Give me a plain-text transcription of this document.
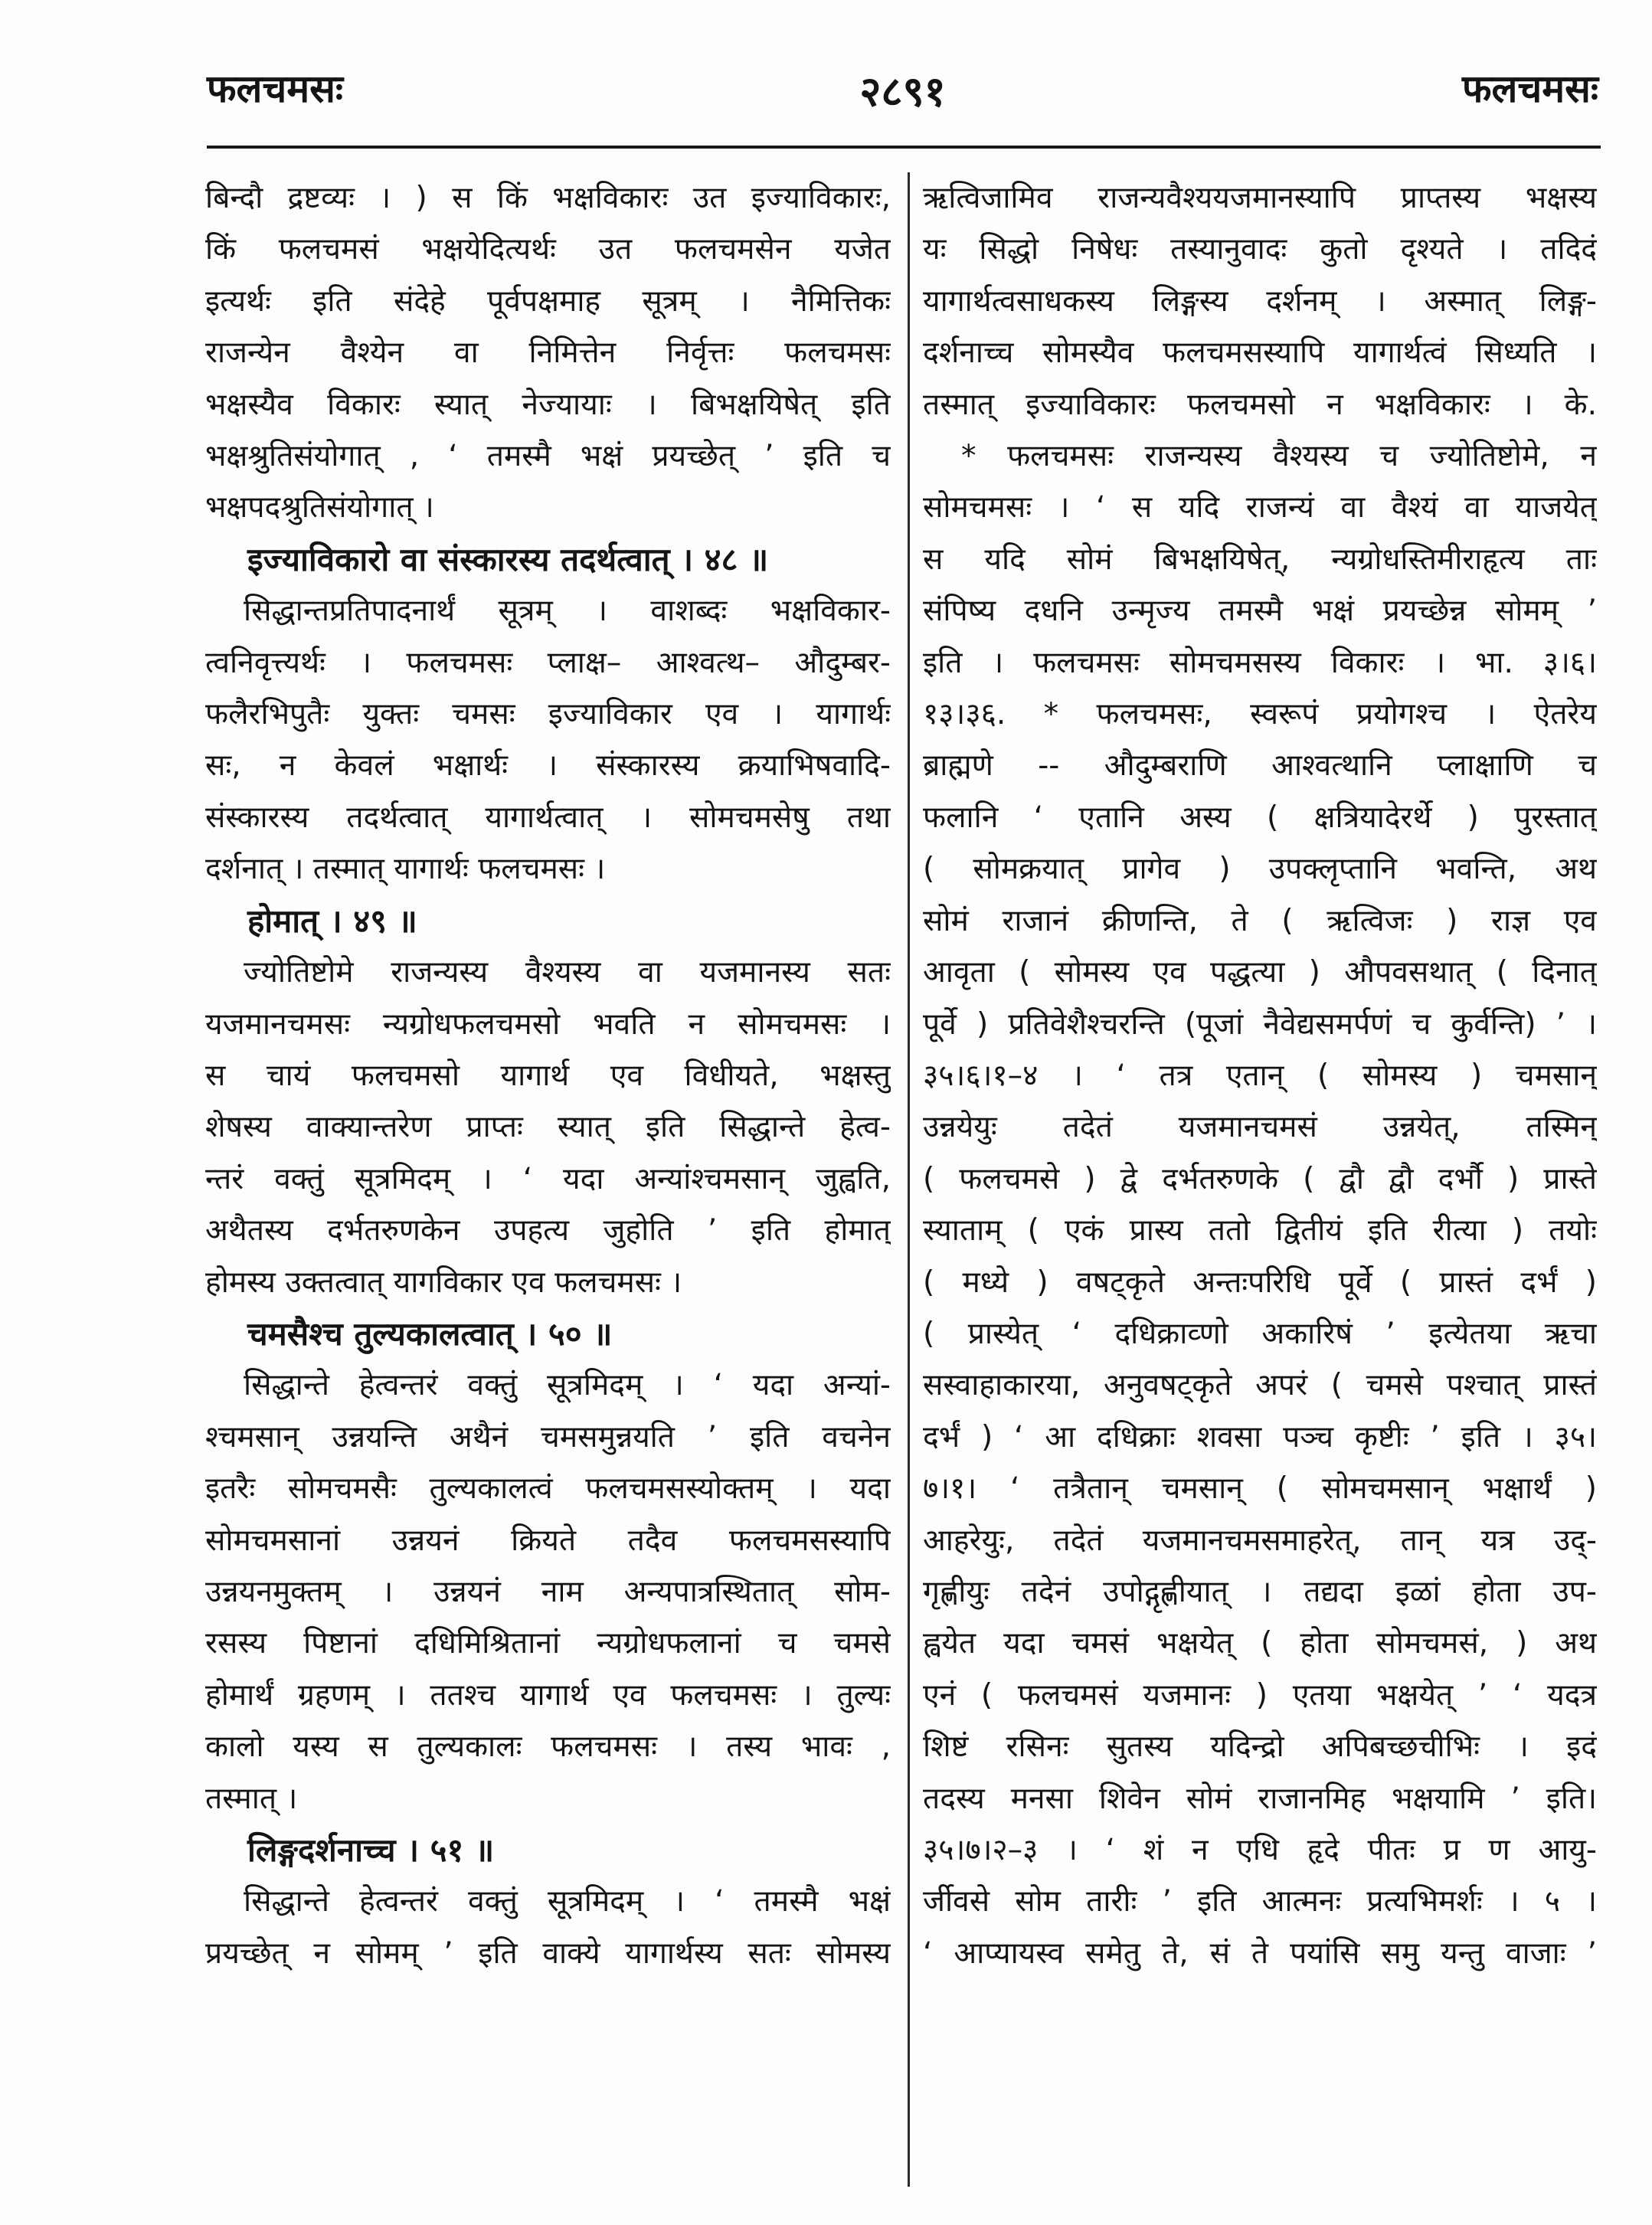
२८९१
फलचमसः	फलचमसः
बिन्दौ द्रष्टव्यः । ) स किं भक्षविकारः उत इज्याविकारः,
किं फलचमसं भक्षयेदित्यर्थः उत फलचमसेन यजेत
इत्यर्थः इति संदेहे पूर्वपक्षमाह सूत्रम् । नैमित्तिकः
राजन्येन वैश्येन वा निमित्तेन निर्वृत्तः फलचमसः
भक्षस्यैव विकारः स्यात् नेज्यायाः । बिभक्षयिषेत् इति
भक्षश्रुतिसंयोगात् , ‘ तमस्मै भक्षं प्रयच्छेत् ’ इति च
भक्षपदश्रुतिसंयोगात् ।
इज्याविकारो वा संस्कारस्य तदर्थत्वात् । ४८ ॥
सिद्धान्तप्रतिपादनार्थं सूत्रम् । वाशब्दः भक्षविकार-
त्वनिवृत्त्यर्थः । फलचमसः प्लाक्ष– आश्वत्थ– औदुम्बर-
फलैरभिपुतैः युक्तः चमसः इज्याविकार एव । यागार्थः
सः, न केवलं भक्षार्थः । संस्कारस्य क्रयाभिषवादि-
संस्कारस्य तदर्थत्वात् यागार्थत्वात् । सोमचमसेषु तथा
दर्शनात् । तस्मात् यागार्थः फलचमसः ।
होमात् । ४९ ॥
ज्योतिष्टोमे राजन्यस्य वैश्यस्य वा यजमानस्य सतः
यजमानचमसः न्यग्रोधफलचमसो भवति न सोमचमसः ।
स चायं फलचमसो यागार्थ एव विधीयते, भक्षस्तु
शेषस्य वाक्यान्तरेण प्राप्तः स्यात् इति सिद्धान्ते हेत्व-
न्तरं वक्तुं सूत्रमिदम् । ‘ यदा अन्यांश्चमसान् जुह्वति,
अथैतस्य दर्भतरुणकेन उपहत्य जुहोति ’ इति होमात्
होमस्य उक्तत्वात् यागविकार एव फलचमसः ।
चमसैश्च तुल्यकालत्वात् । ५० ॥
सिद्धान्ते हेत्वन्तरं वक्तुं सूत्रमिदम् । ‘ यदा अन्यां-
श्चमसान् उन्नयन्ति अथैनं चमसमुन्नयति ’ इति वचनेन
इतरैः सोमचमसैः तुल्यकालत्वं फलचमसस्योक्तम् । यदा
सोमचमसानां उन्नयनं क्रियते तदैव फलचमसस्यापि
उन्नयनमुक्तम् । उन्नयनं नाम अन्यपात्रस्थितात् सोम-
रसस्य पिष्टानां दधिमिश्रितानां न्यग्रोधफलानां च चमसे
होमार्थं ग्रहणम् । ततश्च यागार्थ एव फलचमसः । तुल्यः
कालो यस्य स तुल्यकालः फलचमसः । तस्य भावः ,
तस्मात् ।
लिङ्गदर्शनाच्च । ५१ ॥
सिद्धान्ते हेत्वन्तरं वक्तुं सूत्रमिदम् । ‘ तमस्मै भक्षं
प्रयच्छेत् न सोमम् ’ इति वाक्ये यागार्थस्य सतः सोमस्य
ऋत्विजामिव राजन्यवैश्ययजमानस्यापि प्राप्तस्य भक्षस्य
यः सिद्धो निषेधः तस्यानुवादः कुतो दृश्यते । तदिदं
यागार्थत्वसाधकस्य लिङ्गस्य दर्शनम् । अस्मात् लिङ्ग-
दर्शनाच्च सोमस्यैव फलचमसस्यापि यागार्थत्वं सिध्यति ।
तस्मात् इज्याविकारः फलचमसो न भक्षविकारः । के.
* फलचमसः राजन्यस्य वैश्यस्य च ज्योतिष्टोमे, न
सोमचमसः । ‘ स यदि राजन्यं वा वैश्यं वा याजयेत्
स यदि सोमं बिभक्षयिषेत्, न्यग्रोधस्तिमीराहृत्य ताः
संपिष्य दधनि उन्मृज्य तमस्मै भक्षं प्रयच्छेन्न सोमम् ’
इति । फलचमसः सोमचमसस्य विकारः । भा. ३।६।
१३।३६. * फलचमसः, स्वरूपं प्रयोगश्च । ऐतरेय
ब्राह्मणे -- औदुम्बराणि आश्वत्थानि प्लाक्षाणि च
फलानि ‘ एतानि अस्य ( क्षत्रियादेरर्थे ) पुरस्तात्
( सोमक्रयात् प्रागेव ) उपक्लृप्तानि भवन्ति, अथ
सोमं राजानं क्रीणन्ति, ते ( ऋत्विजः ) राज्ञ एव
आवृता ( सोमस्य एव पद्धत्या ) औपवसथात् ( दिनात्
पूर्वे ) प्रतिवेशैश्चरन्ति (पूजां नैवेद्यसमर्पणं च कुर्वन्ति) ’ ।
३५।६।१–४ । ‘ तत्र एतान् ( सोमस्य ) चमसान्
उन्नयेयुः तदेतं यजमानचमसं उन्नयेत्, तस्मिन्
( फलचमसे ) द्वे दर्भतरुणके ( द्वौ द्वौ दर्भौ ) प्रास्ते
स्याताम् ( एकं प्रास्य ततो द्वितीयं इति रीत्या ) तयोः
( मध्ये ) वषट्कृते अन्तःपरिधि पूर्वे ( प्रास्तं दर्भं )
( प्रास्येत् ‘ दधिक्राव्णो अकारिषं ’ इत्येतया ऋचा
सस्वाहाकारया, अनुवषट्कृते अपरं ( चमसे पश्चात् प्रास्तं
दर्भं ) ‘ आ दधिक्राः शवसा पञ्च कृष्टीः ’ इति । ३५।
७।१। ‘ तत्रैतान् चमसान् ( सोमचमसान् भक्षार्थं )
आहरेयुः, तदेतं यजमानचमसमाहरेत्, तान् यत्र उद्-
गृह्णीयुः तदेनं उपोद्गृह्णीयात् । तद्यदा इळां होता उप-
ह्वयेत यदा चमसं भक्षयेत् ( होता सोमचमसं, ) अथ
एनं ( फलचमसं यजमानः ) एतया भक्षयेत् ’ ‘ यदत्र
शिष्टं रसिनः सुतस्य यदिन्द्रो अपिबच्छचीभिः । इदं
तदस्य मनसा शिवेन सोमं राजानमिह भक्षयामि ’ इति।
३५।७।२–३ । ‘ शं न एधि हृदे पीतः प्र ण आयु-
र्जीवसे सोम तारीः ’ इति आत्मनः प्रत्यभिमर्शः । ५ ।
‘ आप्यायस्व समेतु ते, सं ते पयांसि समु यन्तु वाजाः ’
